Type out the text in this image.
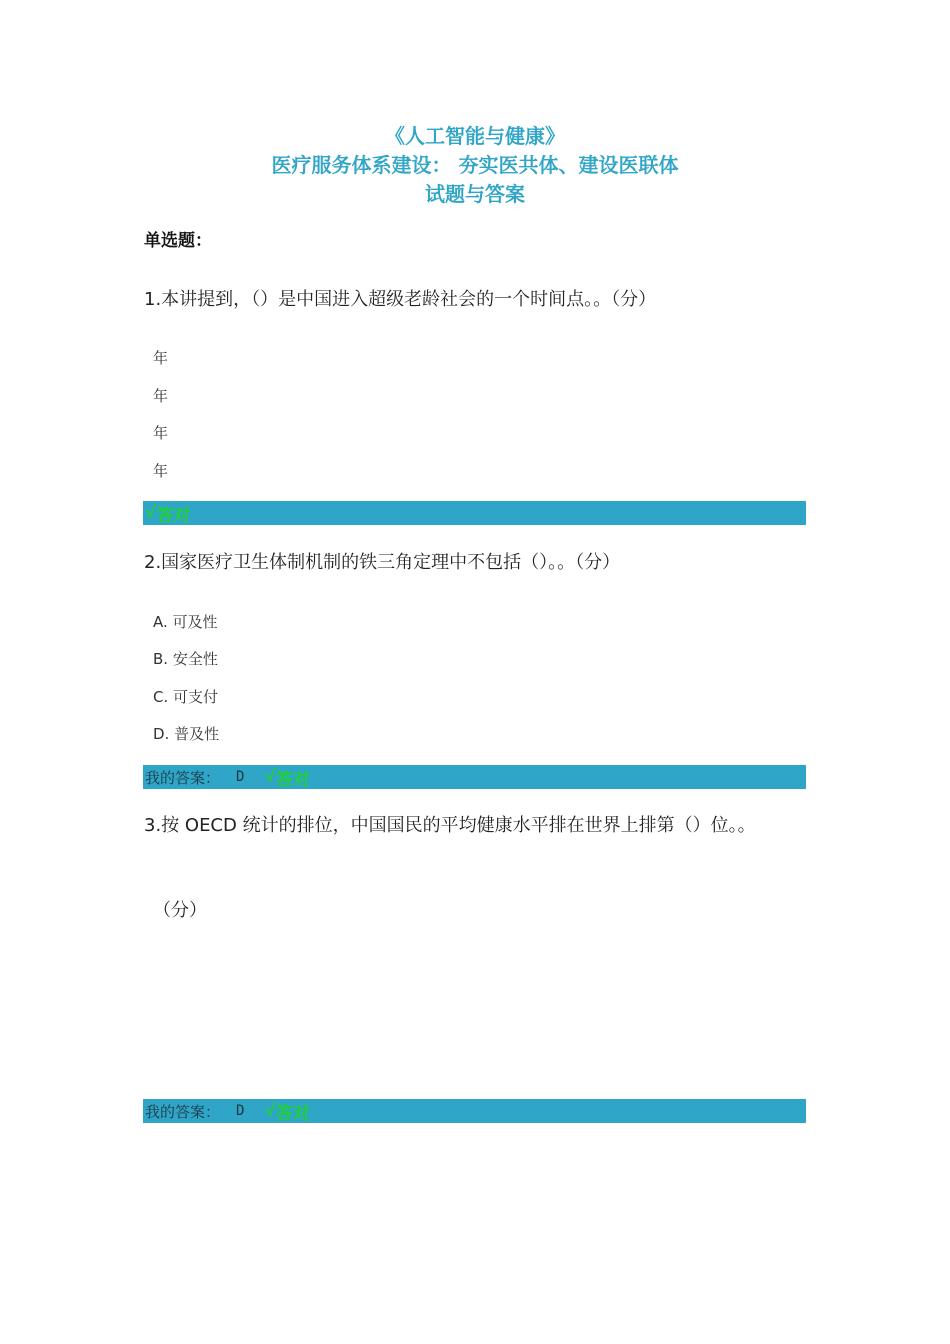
《人工智能与健康》
医疗服务体系建设： 夯实医共体、建设医联体
试题与答案
单选题：
1.本讲提到，（）是中国进入超级老龄社会的一个时间点。。（分）
年
年
年
年
√ 答对
2.国家医疗卫生体制机制的铁三角定理中不包括（）。。（分）
A. 可及性
B. 安全性
C. 可支付
D. 普及性
我的答案： D √ 答对
3.按 OECD 统计的排位，中国国民的平均健康水平排在世界上排第（）位。。
（分）
我的答案： D √ 答对
